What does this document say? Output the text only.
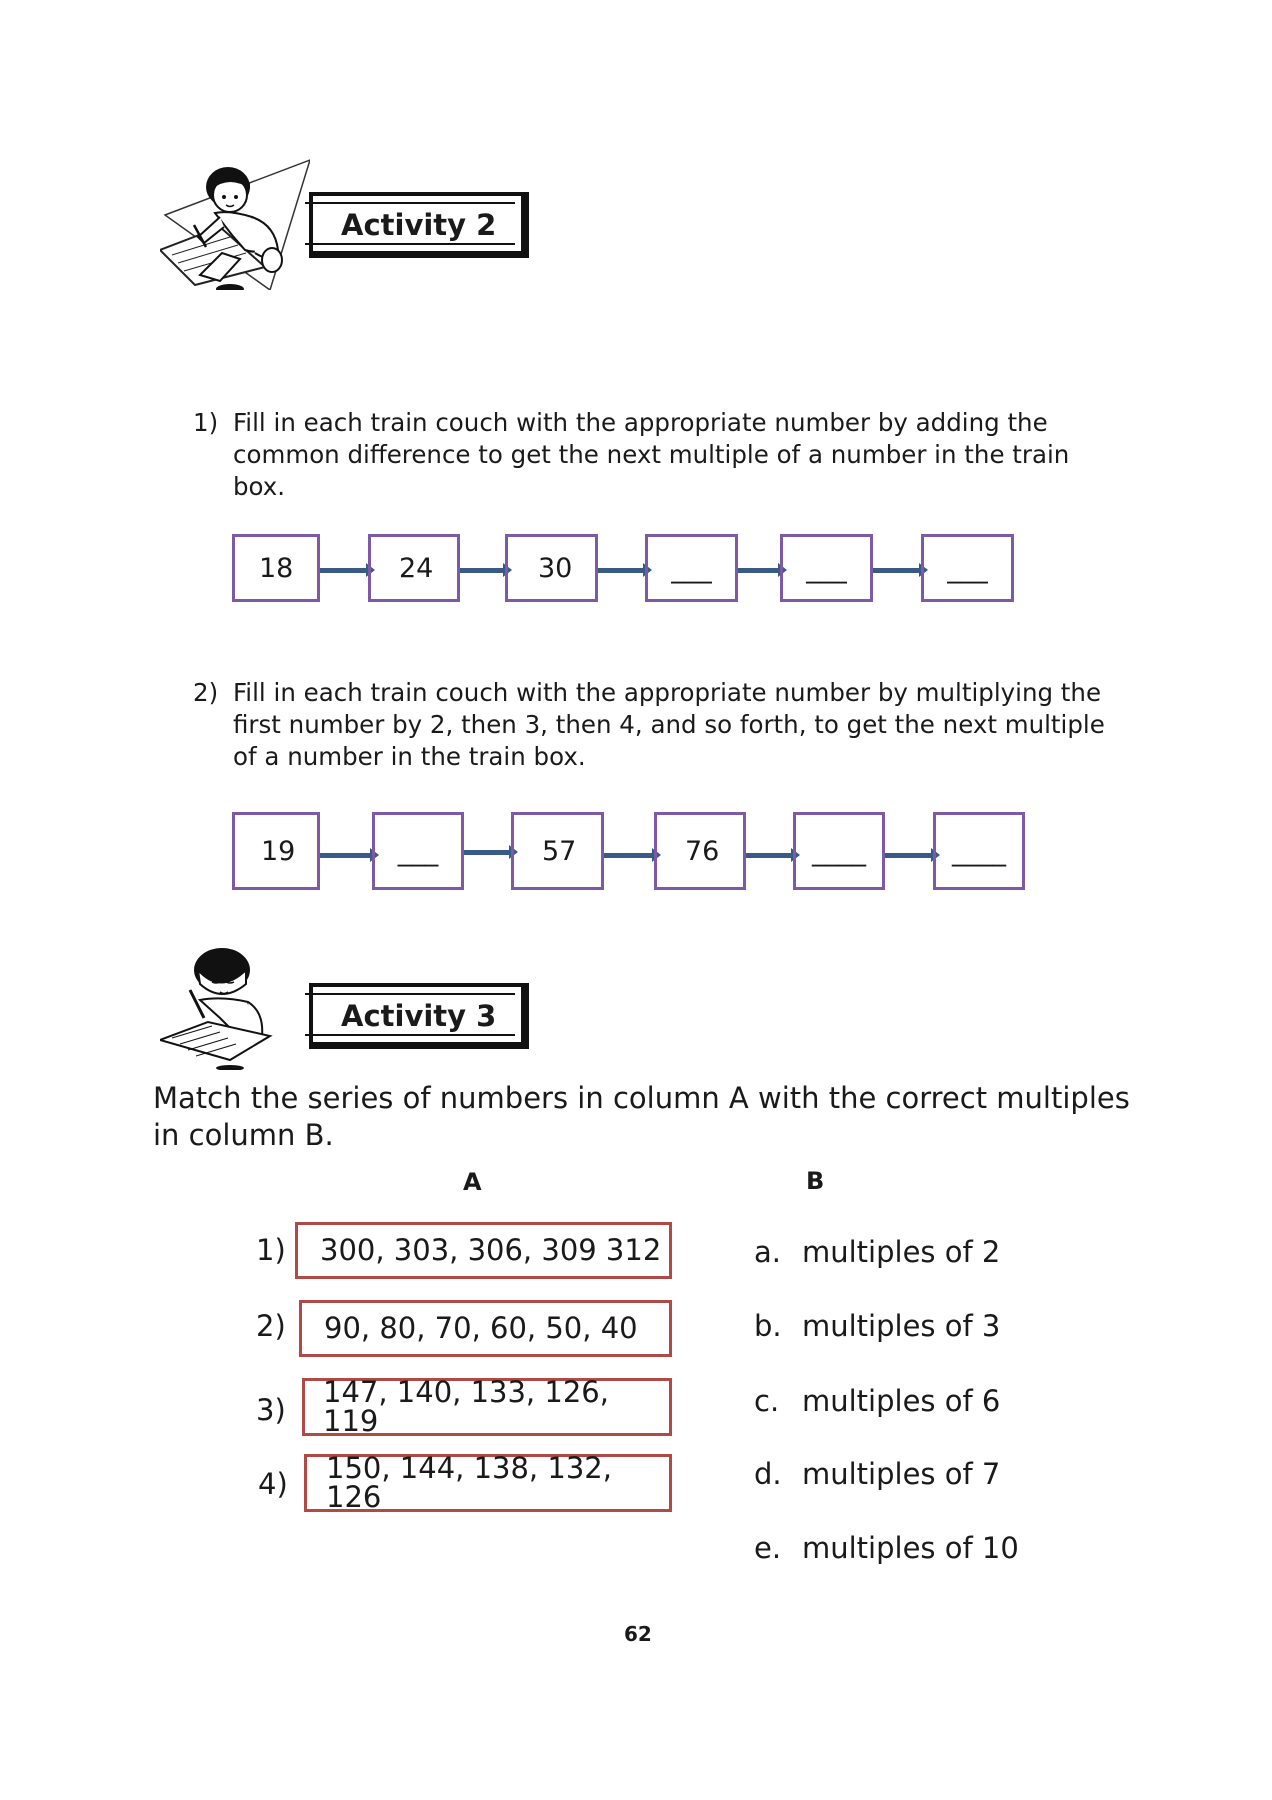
Activity 2
1) Fill in each train couch with the appropriate number by adding the common difference to get the next multiple of a number in the train box.
18	24	30	___	___	___
2) Fill in each train couch with the appropriate number by multiplying the first number by 2, then 3, then 4, and so forth, to get the next multiple of a number in the train box.
19	___	57	76	____	____
Activity 3
Match the series of numbers in column A with the correct multiples in column B.
A	B
1)	300, 303, 306, 309 312
2)	90, 80, 70, 60, 50, 40
3)
147, 140, 133, 126, 119
4)	150, 144, 138, 132, 126
a. multiples of 2
b. multiples of 3
c. multiples of 6
d. multiples of 7
e. multiples of 10
62
